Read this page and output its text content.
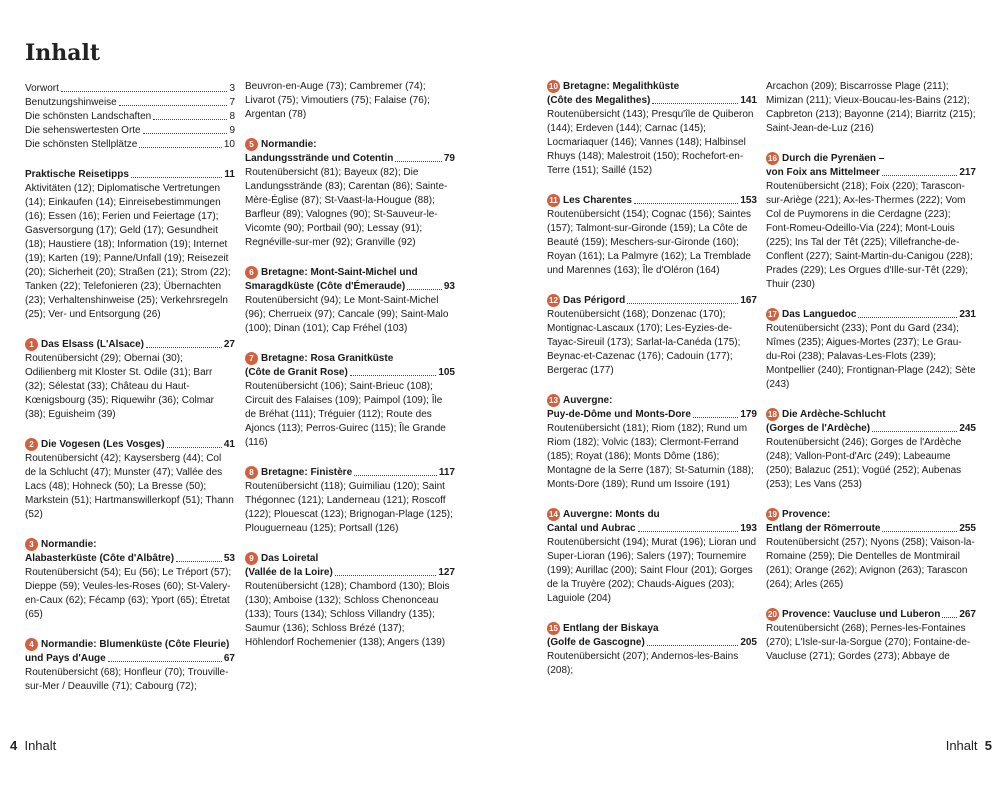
Inhalt
Vorwort	3
Benutzungshinweise	7
Die schönsten Landschaften	8
Die sehenswertesten Orte	9
Die schönsten Stellplätze	10
Praktische Reisetipps	11
Aktivitäten (12); Diplomatische Vertretungen (14); Einkaufen (14); Einreisebestimmungen (16); Essen (16); Ferien und Feiertage (17); Gasversorgung (17); Geld (17); Gesundheit (18); Haustiere (18); Information (19); Internet (19); Karten (19); Panne/Unfall (19); Reisezeit (20); Sicherheit (20); Straßen (21); Strom (22); Tanken (22); Telefonieren (23); Übernachten (23); Verhaltenshinweise (25); Verkehrsregeln (25); Ver- und Entsorgung (26)
1 Das Elsass (L'Alsace)	27
Routenübersicht (29); Obernai (30); Odilienberg mit Kloster St. Odile (31); Barr (32); Sélestat (33); Château du Haut-Kœnigsbourg (35); Riquewihr (36); Colmar (38); Eguisheim (39)
2 Die Vogesen (Les Vosges)	41
Routenübersicht (42); Kaysersberg (44); Col de la Schlucht (47); Munster (47); Vallée des Lacs (48); Hohneck (50); La Bresse (50); Markstein (51); Hartmanswillerkopf (51); Thann (52)
3 Normandie:
Alabasterküste (Côte d'Albâtre)	53
Routenübersicht (54); Eu (56); Le Tréport (57); Dieppe (59); Veules-les-Roses (60); St-Valery-en-Caux (62); Fécamp (63); Yport (65); Étretat (65)
4 Normandie: Blumenküste (Côte Fleurie)
und Pays d'Auge	67
Routenübersicht (68); Honfleur (70); Trouville-sur-Mer / Deauville (71); Cabourg (72);
Beuvron-en-Auge (73); Cambremer (74); Livarot (75); Vimoutiers (75); Falaise (76); Argentan (78)
5 Normandie:
Landungsstrände und Cotentin	79
Routenübersicht (81); Bayeux (82); Die Landungsstrände (83); Carentan (86); Sainte-Mère-Église (87); St-Vaast-la-Hougue (88); Barfleur (89); Valognes (90); St-Sauveur-le-Vicomte (90); Portbail (90); Lessay (91); Regnéville-sur-mer (92); Granville (92)
6 Bretagne: Mont-Saint-Michel und
Smaragdküste (Côte d'Émeraude)	93
Routenübersicht (94); Le Mont-Saint-Michel (96); Cherrueix (97); Cancale (99); Saint-Malo (100); Dinan (101); Cap Fréhel (103)
7 Bretagne: Rosa Granitküste
(Côte de Granit Rose)	105
Routenübersicht (106); Saint-Brieuc (108); Circuit des Falaises (109); Paimpol (109); Île de Bréhat (111); Tréguier (112); Route des Ajoncs (113); Perros-Guirec (115); Île Grande (116)
8 Bretagne: Finistère	117
Routenübersicht (118); Guimiliau (120); Saint Thégonnec (121); Landerneau (121); Roscoff (122); Plouescat (123); Brignogan-Plage (125); Plouguerneau (125); Portsall (126)
9 Das Loiretal
(Vallée de la Loire)	127
Routenübersicht (128); Chambord (130); Blois (130); Amboise (132); Schloss Chenonceau (133); Tours (134); Schloss Villandry (135); Saumur (136); Schloss Brézé (137); Höhlendorf Rochemenier (138); Angers (139)
10 Bretagne: Megalithküste
(Côte des Megalithes)	141
Routenübersicht (143); Presqu'île de Quiberon (144); Erdeven (144); Carnac (145); Locmariaquer (146); Vannes (148); Halbinsel Rhuys (148); Malestroit (150); Rochefort-en-Terre (151); Saillé (152)
11 Les Charentes	153
Routenübersicht (154); Cognac (156); Saintes (157); Talmont-sur-Gironde (159); La Côte de Beauté (159); Meschers-sur-Gironde (160); Royan (161); La Palmyre (162); La Tremblade und Marennes (163); Île d'Oléron (164)
12 Das Périgord	167
Routenübersicht (168); Donzenac (170); Montignac-Lascaux (170); Les-Eyzies-de-Tayac-Sireuil (173); Sarlat-la-Canéda (175); Beynac-et-Cazenac (176); Cadouin (177); Bergerac (177)
13 Auvergne:
Puy-de-Dôme und Monts-Dore	179
Routenübersicht (181); Riom (182); Rund um Riom (182); Volvic (183); Clermont-Ferrand (185); Royat (186); Monts Dôme (186); Montagne de la Serre (187); St-Saturnin (188); Monts-Dore (189); Rund um Issoire (191)
14 Auvergne: Monts du
Cantal und Aubrac	193
Routenübersicht (194); Murat (196); Lioran und Super-Lioran (196); Salers (197); Tournemire (199); Aurillac (200); Saint Flour (201); Gorges de la Truyère (202); Chauds-Aigues (203); Laguiole (204)
15 Entlang der Biskaya
(Golfe de Gascogne)	205
Routenübersicht (207); Andernos-les-Bains (208);
Arcachon (209); Biscarrosse Plage (211); Mimizan (211); Vieux-Boucau-les-Bains (212); Capbreton (213); Bayonne (214); Biarritz (215); Saint-Jean-de-Luz (216)
16 Durch die Pyrenäen –
von Foix ans Mittelmeer	217
Routenübersicht (218); Foix (220); Tarascon-sur-Ariège (221); Ax-les-Thermes (222); Vom Col de Puymorens in die Cerdagne (223); Font-Romeu-Odeillo-Via (224); Mont-Louis (225); Ins Tal der Têt (225); Villefranche-de-Conflent (227); Saint-Martin-du-Canigou (228); Prades (229); Les Orgues d'Ille-sur-Têt (229); Thuir (230)
17 Das Languedoc	231
Routenübersicht (233); Pont du Gard (234); Nîmes (235); Aigues-Mortes (237); Le Grau-du-Roi (238); Palavas-Les-Flots (239); Montpellier (240); Frontignan-Plage (242); Sète (243)
18 Die Ardèche-Schlucht
(Gorges de l'Ardèche)	245
Routenübersicht (246); Gorges de l'Ardèche (248); Vallon-Pont-d'Arc (249); Labeaume (250); Balazuc (251); Vogüé (252); Aubenas (253); Les Vans (253)
19 Provence:
Entlang der Römerroute	255
Routenübersicht (257); Nyons (258); Vaison-la-Romaine (259); Die Dentelles de Montmirail (261); Orange (262); Avignon (263); Tarascon (264); Arles (265)
20 Provence: Vaucluse und Luberon 267
Routenübersicht (268); Pernes-les-Fontaines (270); L'Isle-sur-la-Sorgue (270); Fontaine-de-Vaucluse (271); Gordes (273); Abbaye de
4 Inhalt	Inhalt 5
